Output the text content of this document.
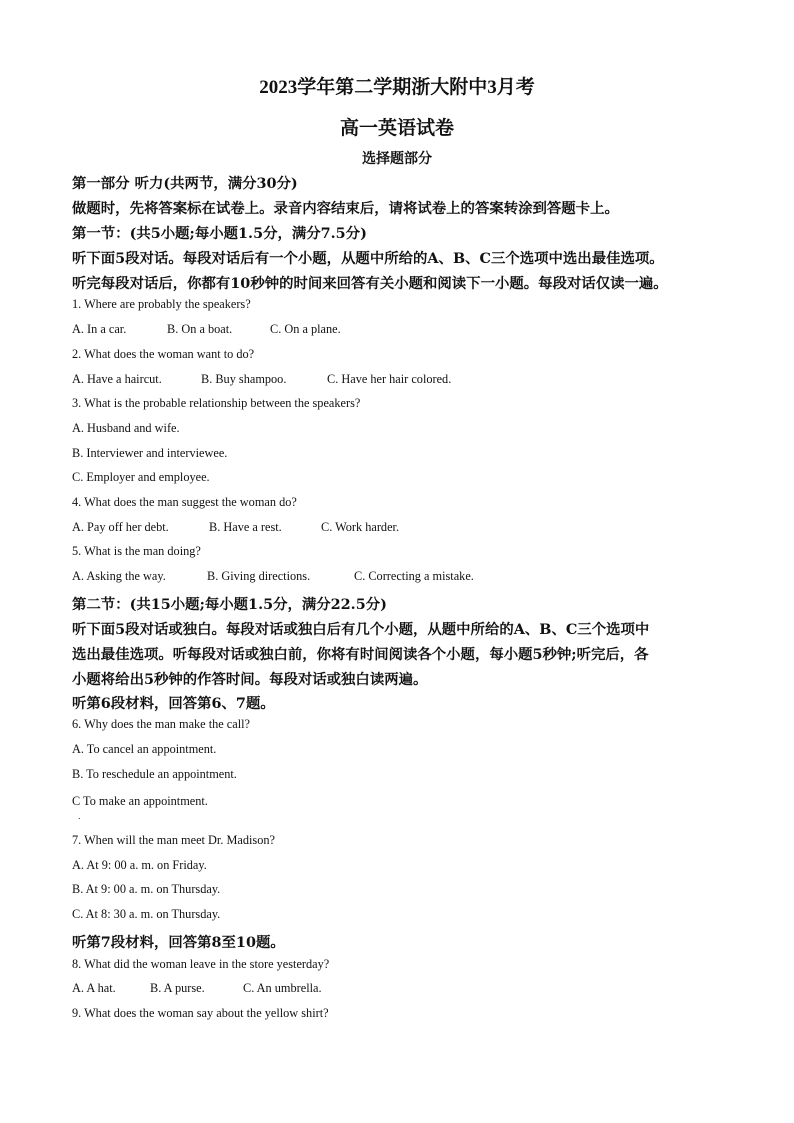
2023学年第二学期浙大附中3月考
高一英语试卷
选择题部分
第一部分 听力(共两节，满分30分)
做题时，先将答案标在试卷上。录音内容结束后，请将试卷上的答案转涂到答题卡上。
第一节：(共5小题;每小题1.5分，满分7.5分)
听下面5段对话。每段对话后有一个小题，从题中所给的A、B、C三个选项中选出最佳选项。
听完每段对话后，你都有10秒钟的时间来回答有关小题和阅读下一小题。每段对话仅读一遍。
1. Where are probably the speakers?
A. In a car.	B. On a boat.	C. On a plane.
2. What does the woman want to do?
A. Have a haircut.	B. Buy shampoo.	C. Have her hair colored.
3. What is the probable relationship between the speakers?
A. Husband and wife.
B. Interviewer and interviewee.
C. Employer and employee.
4. What does the man suggest the woman do?
A. Pay off her debt.	B. Have a rest.	C. Work harder.
5. What is the man doing?
A. Asking the way.	B. Giving directions.	C. Correcting a mistake.
第二节：(共15小题;每小题1.5分，满分22.5分)
听下面5段对话或独白。每段对话或独白后有几个小题，从题中所给的A、B、C三个选项中
选出最佳选项。听每段对话或独白前，你将有时间阅读各个小题，每小题5秒钟;听完后，各
小题将给出5秒钟的作答时间。每段对话或独白读两遍。
听第6段材料，回答第6、7题。
6. Why does the man make the call?
A. To cancel an appointment.
B. To reschedule an appointment.
C To make an appointment.
.
7. When will the man meet Dr. Madison?
A. At 9: 00 a. m. on Friday.
B. At 9: 00 a. m. on Thursday.
C. At 8: 30 a. m. on Thursday.
听第7段材料，回答第8至10题。
8. What did the woman leave in the store yesterday?
A. A hat.	B. A purse.	C. An umbrella.
9. What does the woman say about the yellow shirt?
